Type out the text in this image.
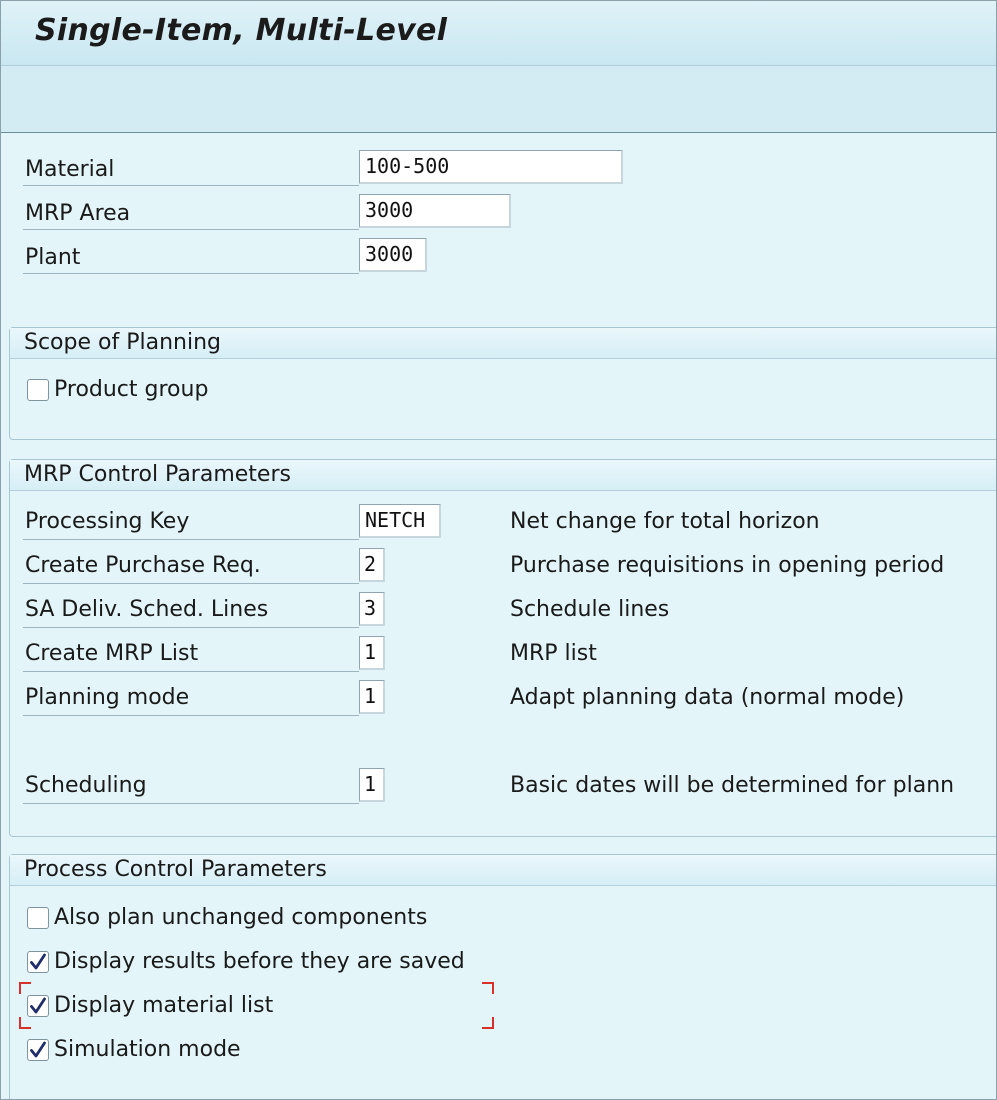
Single-Item, Multi-Level
Material	100-500
MRP Area	3000
Plant	3000
Scope of Planning
Product group
MRP Control Parameters
Processing Key	NETCH	Net change for total horizon
Create Purchase Req.	2	Purchase requisitions in opening period
SA Deliv. Sched. Lines	3	Schedule lines
Create MRP List	1	MRP list
Planning mode	1	Adapt planning data (normal mode)
Scheduling	1	Basic dates will be determined for plann
Process Control Parameters
Also plan unchanged components
Display results before they are saved
Display material list
Simulation mode
